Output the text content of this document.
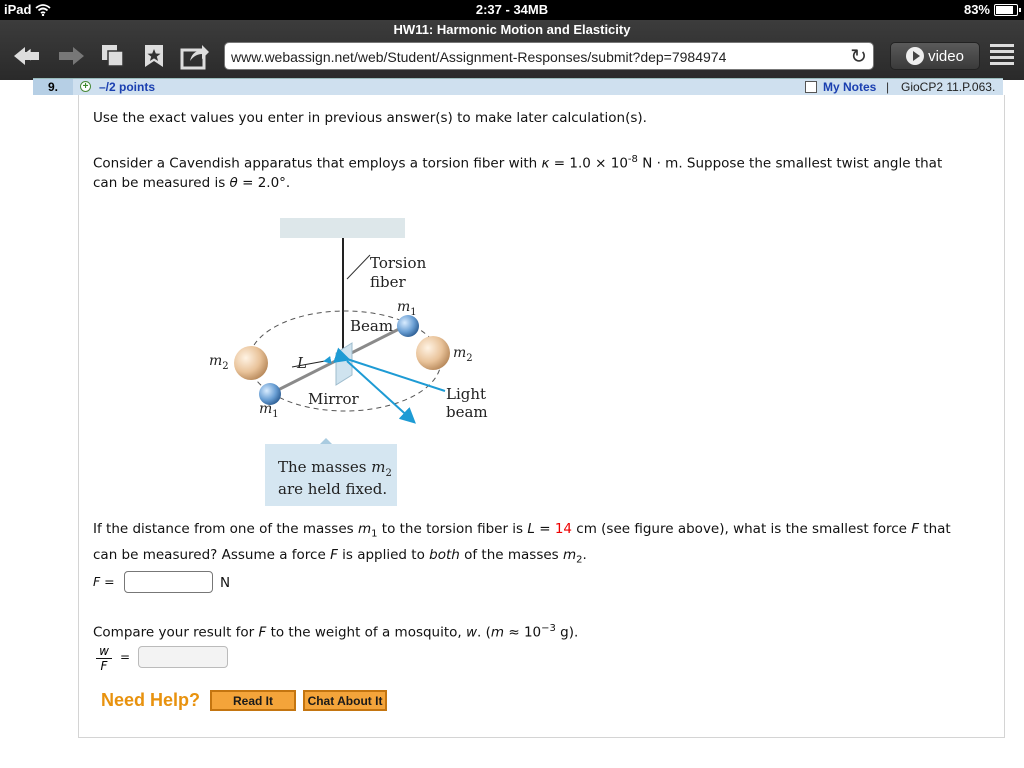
iPad	2:37 - 34MB	83%
HW11: Harmonic Motion and Elasticity
www.webassign.net/web/Student/Assignment-Responses/submit?dep=7984974	↻	video
9.	+ –/2 points	My Notes | GioCP2 11.P.063.
Use the exact values you enter in previous answer(s) to make later calculation(s).
Consider a Cavendish apparatus that employs a torsion fiber with $\kappa = 1.0 \times 10^{-8}$ N · m. Suppose the smallest twist angle that
can be measured is θ = 2.0°.
Torsion
fiber
$m_1$
Beam
$m_2$
$m_2$	L
Mirror	Light
beam
$m_1$
The masses $m_2$
are held fixed.
If the distance from one of the masses $m_1$ to the torsion fiber is L = 14 cm (see figure above), what is the smallest force F that
can be measured? Assume a force F is applied to both of the masses $m_2$.
F =	N
Compare your result for F to the weight of a mosquito, w. ($m \approx 10^{-3}$ g).
$\frac{w}{F}$ =
Need Help?	Read It	Chat About It
